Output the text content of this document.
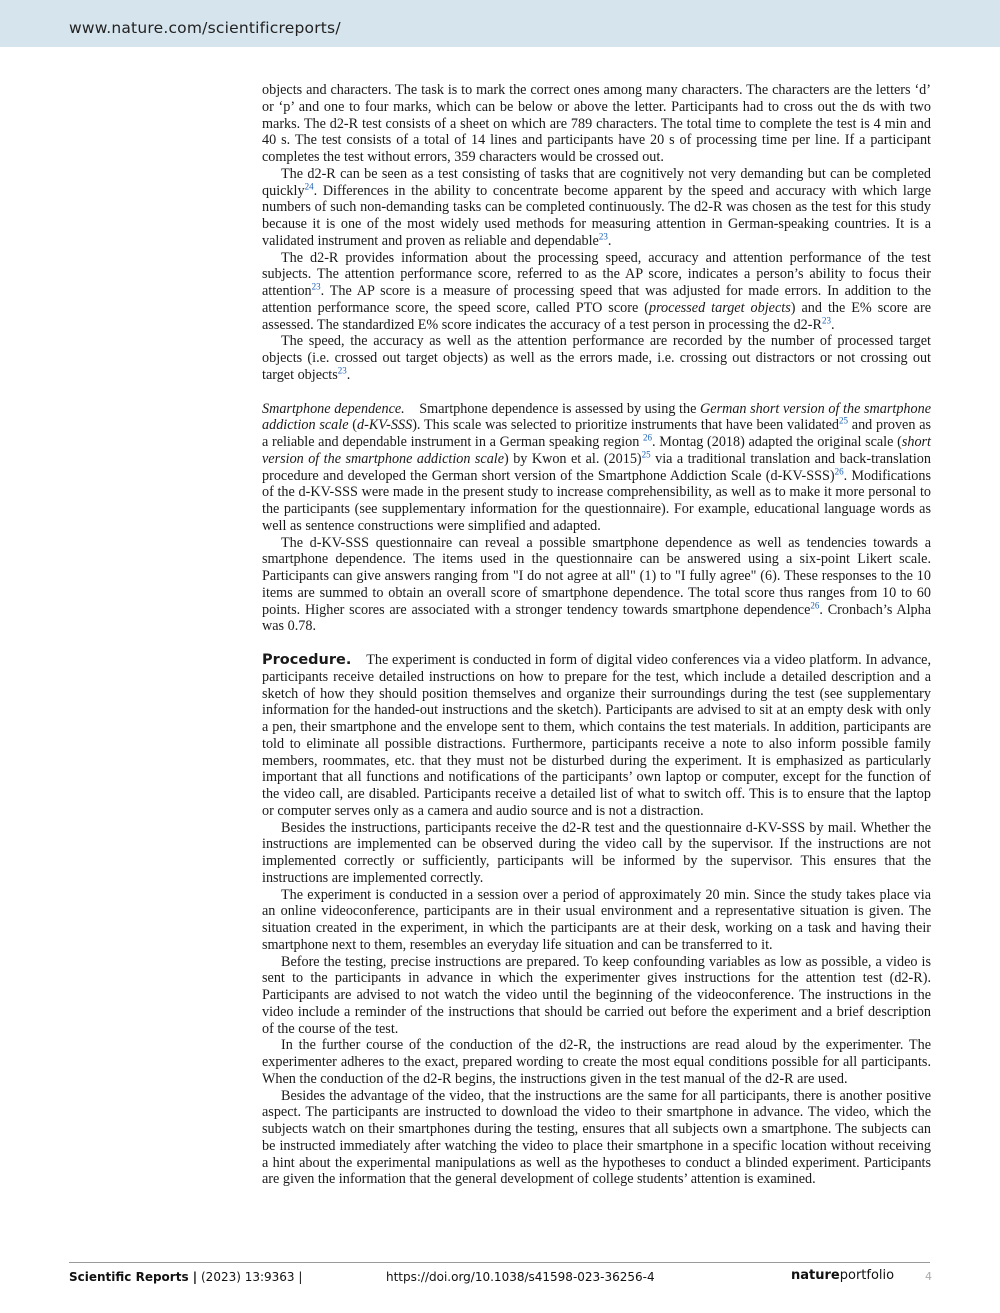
www.nature.com/scientificreports/

objects and characters. The task is to mark the correct ones among many characters. The characters are the letters ‘d’ or ‘p’ and one to four marks, which can be below or above the letter. Participants had to cross out the ds with two marks. The d2-R test consists of a sheet on which are 789 characters. The total time to complete the test is 4 min and 40 s. The test consists of a total of 14 lines and participants have 20 s of processing time per line. If a participant completes the test without errors, 359 characters would be crossed out.

The d2-R can be seen as a test consisting of tasks that are cognitively not very demanding but can be completed quickly$^{24}$. Differences in the ability to concentrate become apparent by the speed and accuracy with which large numbers of such non-demanding tasks can be completed continuously. The d2-R was chosen as the test for this study because it is one of the most widely used methods for measuring attention in German-speaking countries. It is a validated instrument and proven as reliable and dependable$^{23}$.

The d2-R provides information about the processing speed, accuracy and attention performance of the test subjects. The attention performance score, referred to as the AP score, indicates a person’s ability to focus their attention$^{23}$. The AP score is a measure of processing speed that was adjusted for made errors. In addition to the attention performance score, the speed score, called PTO score (processed target objects) and the E% score are assessed. The standardized E% score indicates the accuracy of a test person in processing the $d2-R^{23}$.

The speed, the accuracy as well as the attention performance are recorded by the number of processed target objects (i.e. crossed out target objects) as well as the errors made, i.e. crossing out distractors or not crossing out target objects$^{23}$.

Smartphone dependence. Smartphone dependence is assessed by using the German short version of the smartphone addiction scale (d-KV-SSS). This scale was selected to prioritize instruments that have been validated$^{25}$ and proven as a reliable and dependable instrument in a German speaking region $^{26}$. Montag (2018) adapted the original scale (short version of the smartphone addiction scale) by Kwon et al. $(2015)^{25}$ via a traditional translation and back-translation procedure and developed the German short version of the Smartphone Addiction Scale $(d-KV-SSS)^{26}$. Modifications of the d-KV-SSS were made in the present study to increase comprehensibility, as well as to make it more personal to the participants (see supplementary information for the questionnaire). For example, educational language words as well as sentence constructions were simplified and adapted.

The d-KV-SSS questionnaire can reveal a possible smartphone dependence as well as tendencies towards a smartphone dependence. The items used in the questionnaire can be answered using a six-point Likert scale. Participants can give answers ranging from "I do not agree at all" (1) to "I fully agree" (6). These responses to the 10 items are summed to obtain an overall score of smartphone dependence. The total score thus ranges from 10 to 60 points. Higher scores are associated with a stronger tendency towards smartphone dependence$^{26}$. Cronbach’s Alpha was 0.78.

Procedure. The experiment is conducted in form of digital video conferences via a video platform. In advance, participants receive detailed instructions on how to prepare for the test, which include a detailed description and a sketch of how they should position themselves and organize their surroundings during the test (see supplementary information for the handed-out instructions and the sketch). Participants are advised to sit at an empty desk with only a pen, their smartphone and the envelope sent to them, which contains the test materials. In addition, participants are told to eliminate all possible distractions. Furthermore, participants receive a note to also inform possible family members, roommates, etc. that they must not be disturbed during the experiment. It is emphasized as particularly important that all functions and notifications of the participants’ own laptop or computer, except for the function of the video call, are disabled. Participants receive a detailed list of what to switch off. This is to ensure that the laptop or computer serves only as a camera and audio source and is not a distraction.

Besides the instructions, participants receive the d2-R test and the questionnaire d-KV-SSS by mail. Whether the instructions are implemented can be observed during the video call by the supervisor. If the instructions are not implemented correctly or sufficiently, participants will be informed by the supervisor. This ensures that the instructions are implemented correctly.

The experiment is conducted in a session over a period of approximately 20 min. Since the study takes place via an online videoconference, participants are in their usual environment and a representative situation is given. The situation created in the experiment, in which the participants are at their desk, working on a task and having their smartphone next to them, resembles an everyday life situation and can be transferred to it.

Before the testing, precise instructions are prepared. To keep confounding variables as low as possible, a video is sent to the participants in advance in which the experimenter gives instructions for the attention test (d2-R). Participants are advised to not watch the video until the beginning of the videoconference. The instructions in the video include a reminder of the instructions that should be carried out before the experiment and a brief description of the course of the test.

In the further course of the conduction of the d2-R, the instructions are read aloud by the experimenter. The experimenter adheres to the exact, prepared wording to create the most equal conditions possible for all participants. When the conduction of the d2-R begins, the instructions given in the test manual of the d2-R are used.

Besides the advantage of the video, that the instructions are the same for all participants, there is another positive aspect. The participants are instructed to download the video to their smartphone in advance. The video, which the subjects watch on their smartphones during the testing, ensures that all subjects own a smartphone. The subjects can be instructed immediately after watching the video to place their smartphone in a specific location without receiving a hint about the experimental manipulations as well as the hypotheses to conduct a blinded experiment. Participants are given the information that the general development of college students’ attention is examined.

Scientific Reports | (2023) 13:9363 |	https://doi.org/10.1038/s41598-023-36256-4	natureportfolio	4
